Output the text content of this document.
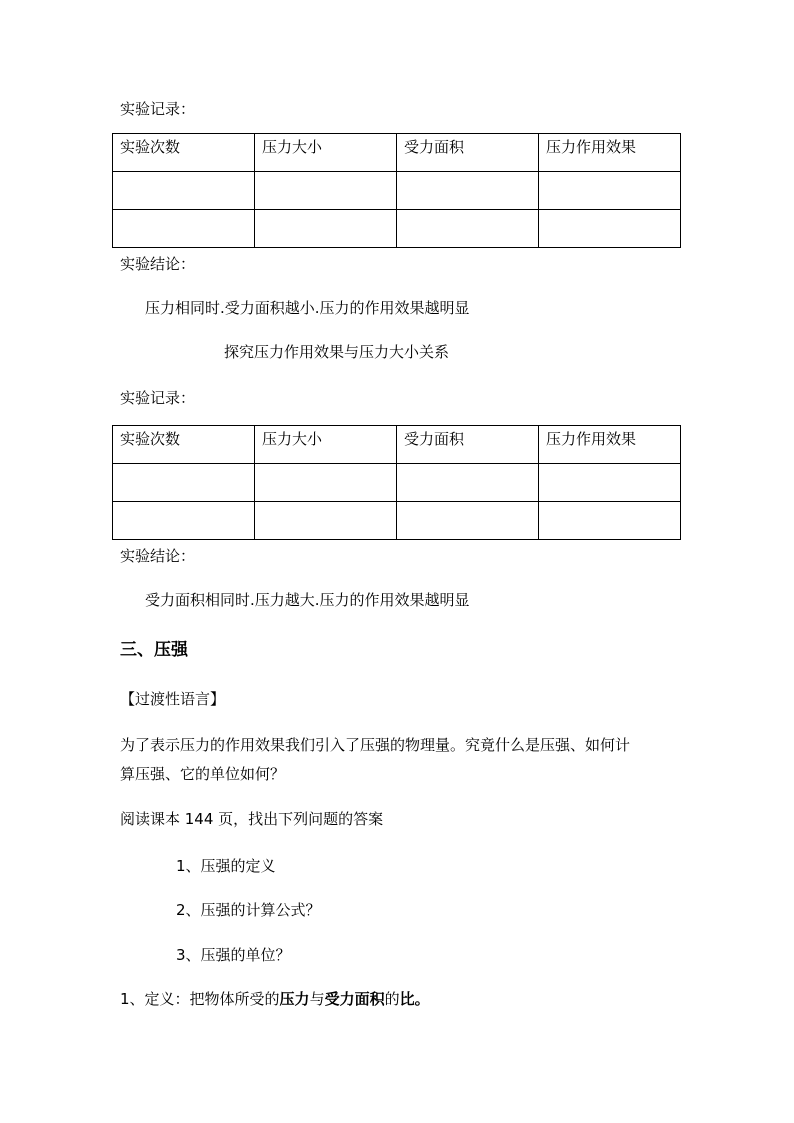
实验记录：
实验次数	压力大小	受力面积	压力作用效果

实验结论：
压力相同时.受力面积越小.压力的作用效果越明显
探究压力作用效果与压力大小关系
实验记录：
实验次数	压力大小	受力面积	压力作用效果

实验结论：
受力面积相同时.压力越大.压力的作用效果越明显
三、压强
【过渡性语言】
为了表示压力的作用效果我们引入了压强的物理量。究竟什么是压强、如何计
算压强、它的单位如何？
阅读课本 144 页，找出下列问题的答案
1、压强的定义
2、压强的计算公式？
3、压强的单位？
1、定义：把物体所受的压力与受力面积的比。
